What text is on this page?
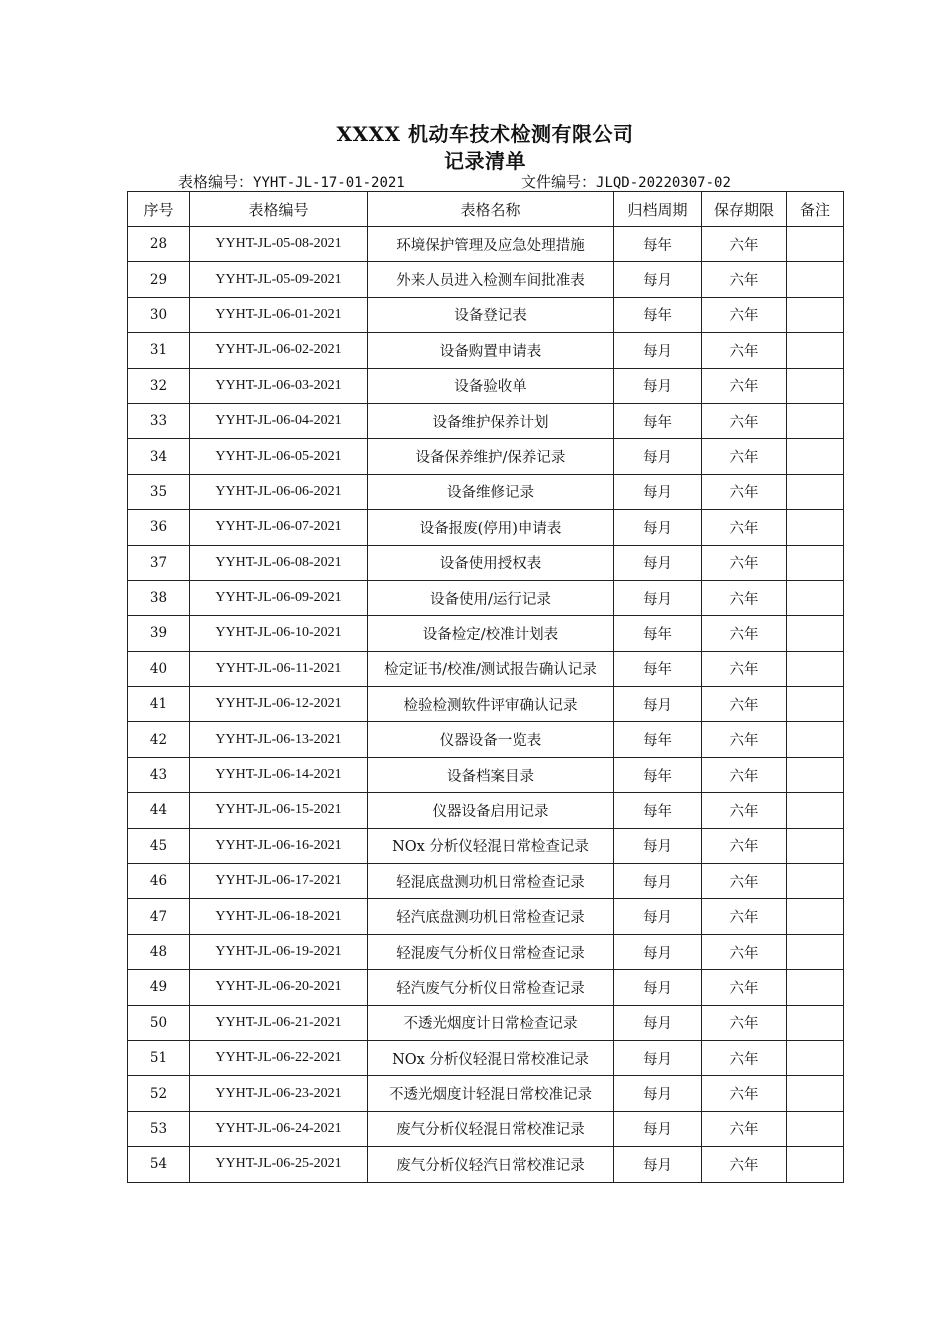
XXXX 机动车技术检测有限公司
记录清单
表格编号：YYHT-JL-17-01-2021	文件编号：JLQD-20220307-02
序号	表格编号	表格名称	归档周期	保存期限	备注
28	YYHT-JL-05-08-2021	环境保护管理及应急处理措施	每年	六年	
29	YYHT-JL-05-09-2021	外来人员进入检测车间批准表	每月	六年	
30	YYHT-JL-06-01-2021	设备登记表	每年	六年	
31	YYHT-JL-06-02-2021	设备购置申请表	每月	六年	
32	YYHT-JL-06-03-2021	设备验收单	每月	六年	
33	YYHT-JL-06-04-2021	设备维护保养计划	每年	六年	
34	YYHT-JL-06-05-2021	设备保养维护/保养记录	每月	六年	
35	YYHT-JL-06-06-2021	设备维修记录	每月	六年	
36	YYHT-JL-06-07-2021	设备报废(停用)申请表	每月	六年	
37	YYHT-JL-06-08-2021	设备使用授权表	每月	六年	
38	YYHT-JL-06-09-2021	设备使用/运行记录	每月	六年	
39	YYHT-JL-06-10-2021	设备检定/校准计划表	每年	六年	
40	YYHT-JL-06-11-2021	检定证书/校准/测试报告确认记录	每年	六年	
41	YYHT-JL-06-12-2021	检验检测软件评审确认记录	每月	六年	
42	YYHT-JL-06-13-2021	仪器设备一览表	每年	六年	
43	YYHT-JL-06-14-2021	设备档案目录	每年	六年	
44	YYHT-JL-06-15-2021	仪器设备启用记录	每年	六年	
45	YYHT-JL-06-16-2021	NOx 分析仪轻混日常检查记录	每月	六年	
46	YYHT-JL-06-17-2021	轻混底盘测功机日常检查记录	每月	六年	
47	YYHT-JL-06-18-2021	轻汽底盘测功机日常检查记录	每月	六年	
48	YYHT-JL-06-19-2021	轻混废气分析仪日常检查记录	每月	六年	
49	YYHT-JL-06-20-2021	轻汽废气分析仪日常检查记录	每月	六年	
50	YYHT-JL-06-21-2021	不透光烟度计日常检查记录	每月	六年	
51	YYHT-JL-06-22-2021	NOx 分析仪轻混日常校准记录	每月	六年	
52	YYHT-JL-06-23-2021	不透光烟度计轻混日常校准记录	每月	六年	
53	YYHT-JL-06-24-2021	废气分析仪轻混日常校准记录	每月	六年	
54	YYHT-JL-06-25-2021	废气分析仪轻汽日常校准记录	每月	六年	
